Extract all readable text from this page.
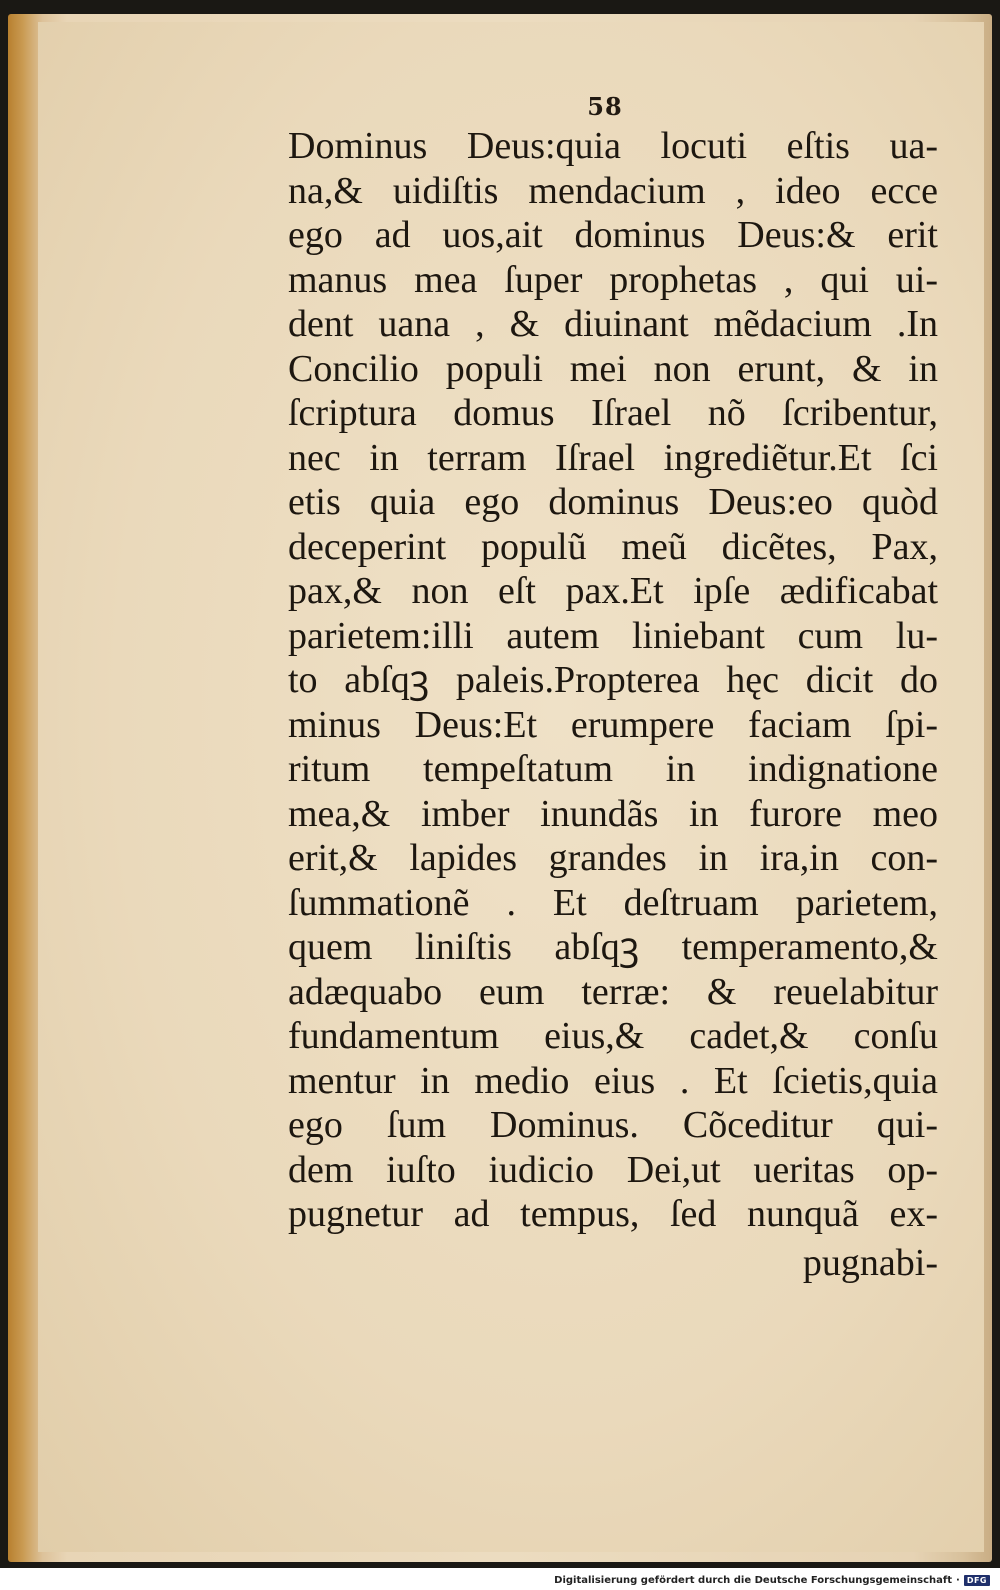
58
Dominus Deus:quia locuti eſtis ua-
na,& uidiſtis mendacium , ideo ecce
ego ad uos,ait dominus Deus:& erit
manus mea ſuper prophetas , qui ui-
dent uana , & diuinant mẽdacium .In
Concilio populi mei non erunt, & in
ſcriptura domus Iſrael nõ ſcribentur,
nec in terram Iſrael ingrediẽtur.Et ſci
etis quia ego dominus Deus:eo quòd
deceperint populũ meũ dicẽtes, Pax,
pax,& non eſt pax.Et ipſe ædificabat
parietem:illi autem liniebant cum lu-
to abſqꝫ paleis.Propterea hęc dicit do
minus Deus:Et erumpere faciam ſpi-
ritum tempeſtatum in indignatione
mea,& imber inundãs in furore meo
erit,& lapides grandes in ira,in con-
ſummationẽ . Et deſtruam parietem,
quem liniſtis abſqꝫ temperamento,&
adæquabo eum terræ: & reuelabitur
fundamentum eius,& cadet,& conſu
mentur in medio eius . Et ſcietis,quia
ego ſum Dominus. Cõceditur qui-
dem iuſto iudicio Dei,ut ueritas op-
pugnetur ad tempus, ſed nunquã ex-
pugnabi-
Digitalisierung gefördert durch die Deutsche Forschungsgemeinschaft · DFG
